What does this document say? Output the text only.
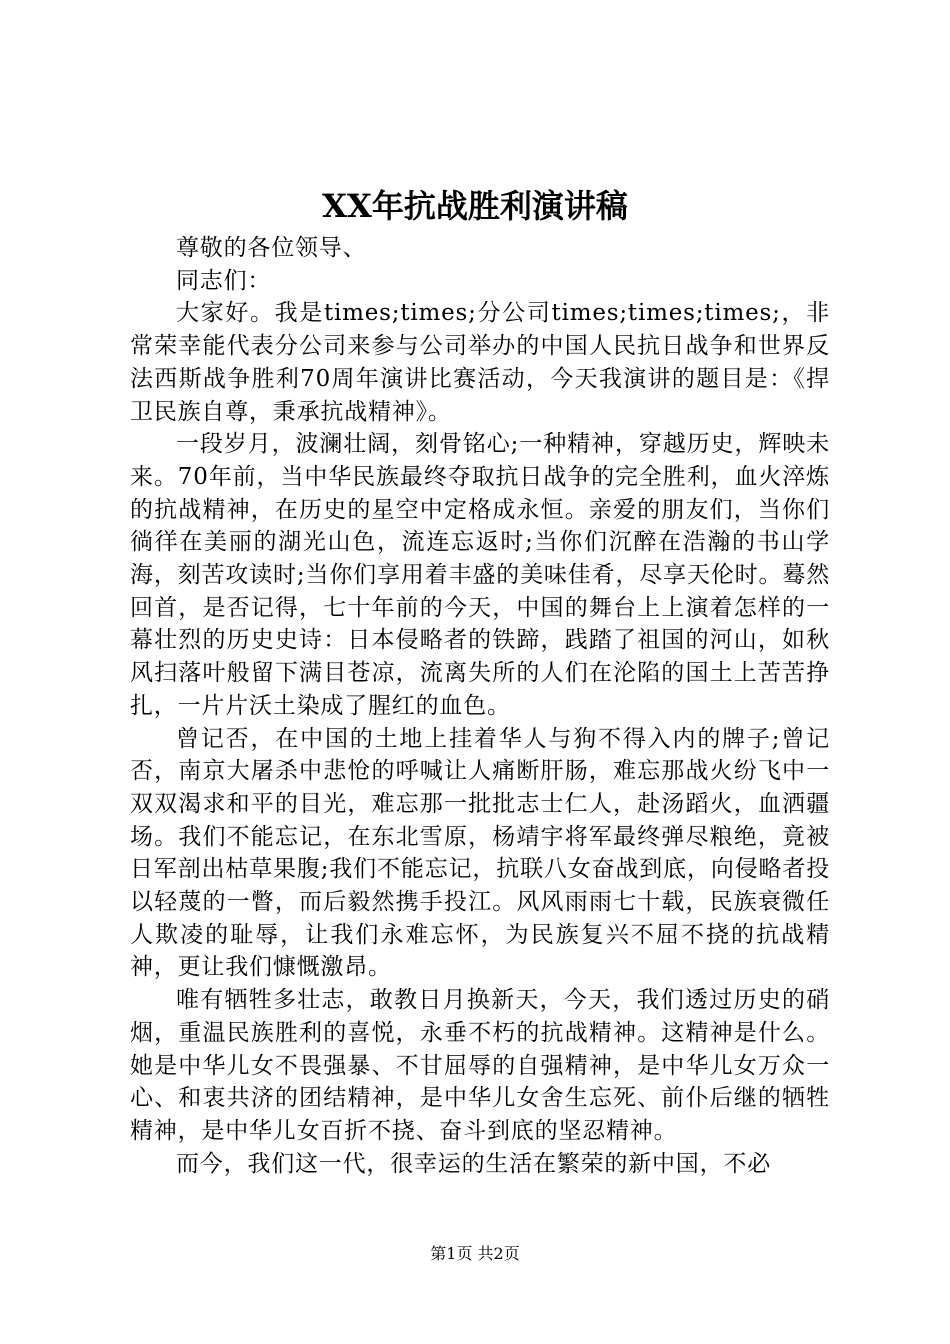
XX年抗战胜利演讲稿

尊敬的各位领导、

同志们：

大家好。我是times;times;分公司times;times;times;，非常荣幸能代表分公司来参与公司举办的中国人民抗日战争和世界反法西斯战争胜利70周年演讲比赛活动，今天我演讲的题目是：《捍卫民族自尊，秉承抗战精神》。

一段岁月，波澜壮阔，刻骨铭心;一种精神，穿越历史，辉映未来。70年前，当中华民族最终夺取抗日战争的完全胜利，血火淬炼的抗战精神，在历史的星空中定格成永恒。亲爱的朋友们，当你们徜徉在美丽的湖光山色，流连忘返时;当你们沉醉在浩瀚的书山学海，刻苦攻读时;当你们享用着丰盛的美味佳肴，尽享天伦时。蓦然回首，是否记得，七十年前的今天，中国的舞台上上演着怎样的一幕壮烈的历史史诗：日本侵略者的铁蹄，践踏了祖国的河山，如秋风扫落叶般留下满目苍凉，流离失所的人们在沦陷的国土上苦苦挣扎，一片片沃土染成了腥红的血色。

曾记否，在中国的土地上挂着华人与狗不得入内的牌子;曾记否，南京大屠杀中悲怆的呼喊让人痛断肝肠，难忘那战火纷飞中一双双渴求和平的目光，难忘那一批批志士仁人，赴汤蹈火，血洒疆场。我们不能忘记，在东北雪原，杨靖宇将军最终弹尽粮绝，竟被日军剖出枯草果腹;我们不能忘记，抗联八女奋战到底，向侵略者投以轻蔑的一瞥，而后毅然携手投江。风风雨雨七十载，民族衰微任人欺凌的耻辱，让我们永难忘怀，为民族复兴不屈不挠的抗战精神，更让我们慷慨激昂。

唯有牺牲多壮志，敢教日月换新天，今天，我们透过历史的硝烟，重温民族胜利的喜悦，永垂不朽的抗战精神。这精神是什么。她是中华儿女不畏强暴、不甘屈辱的自强精神，是中华儿女万众一心、和衷共济的团结精神，是中华儿女舍生忘死、前仆后继的牺牲精神，是中华儿女百折不挠、奋斗到底的坚忍精神。

而今，我们这一代，很幸运的生活在繁荣的新中国，不必

第1页 共2页
